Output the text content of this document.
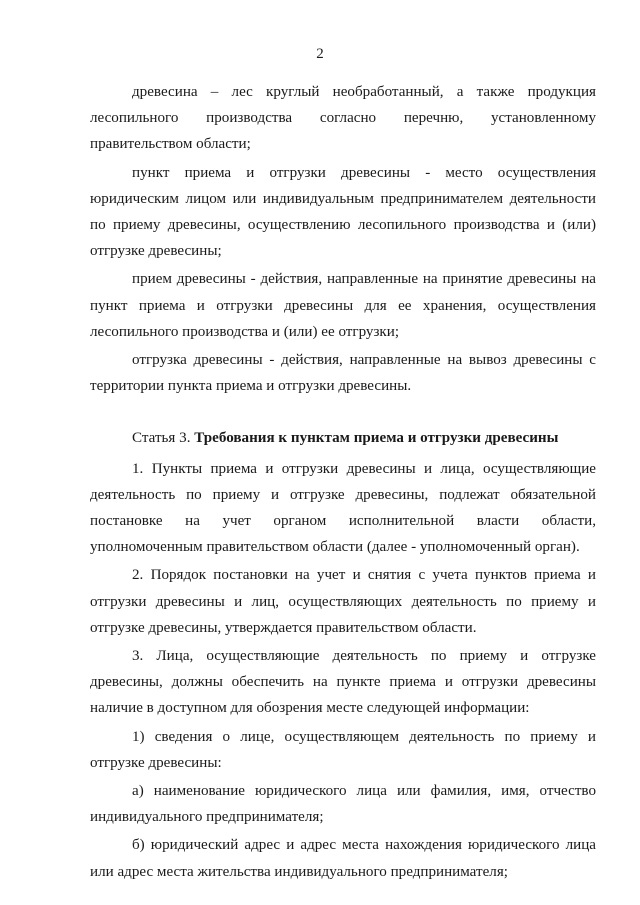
2
древесина – лес круглый необработанный, а также продукция
лесопильного производства согласно перечню, установленному
правительством области;
пункт приема и отгрузки древесины - место осуществления
юридическим лицом или индивидуальным предпринимателем деятельности
по приему древесины, осуществлению лесопильного производства и (или)
отгрузке древесины;
прием древесины - действия, направленные на принятие древесины на
пункт приема и отгрузки древесины для ее хранения, осуществления
лесопильного производства и (или) ее отгрузки;
отгрузка древесины - действия, направленные на вывоз древесины с
территории пункта приема и отгрузки древесины.
Статья 3. Требования к пунктам приема и отгрузки древесины
1. Пункты приема и отгрузки древесины и лица, осуществляющие
деятельность по приему и отгрузке древесины, подлежат обязательной
постановке на учет органом исполнительной власти области,
уполномоченным правительством области (далее - уполномоченный орган).
2. Порядок постановки на учет и снятия с учета пунктов приема и
отгрузки древесины и лиц, осуществляющих деятельность по приему и
отгрузке древесины, утверждается правительством области.
3. Лица, осуществляющие деятельность по приему и отгрузке
древесины, должны обеспечить на пункте приема и отгрузки древесины
наличие в доступном для обозрения месте следующей информации:
1) сведения о лице, осуществляющем деятельность по приему и
отгрузке древесины:
а) наименование юридического лица или фамилия, имя, отчество
индивидуального предпринимателя;
б) юридический адрес и адрес места нахождения юридического лица
или адрес места жительства индивидуального предпринимателя;
